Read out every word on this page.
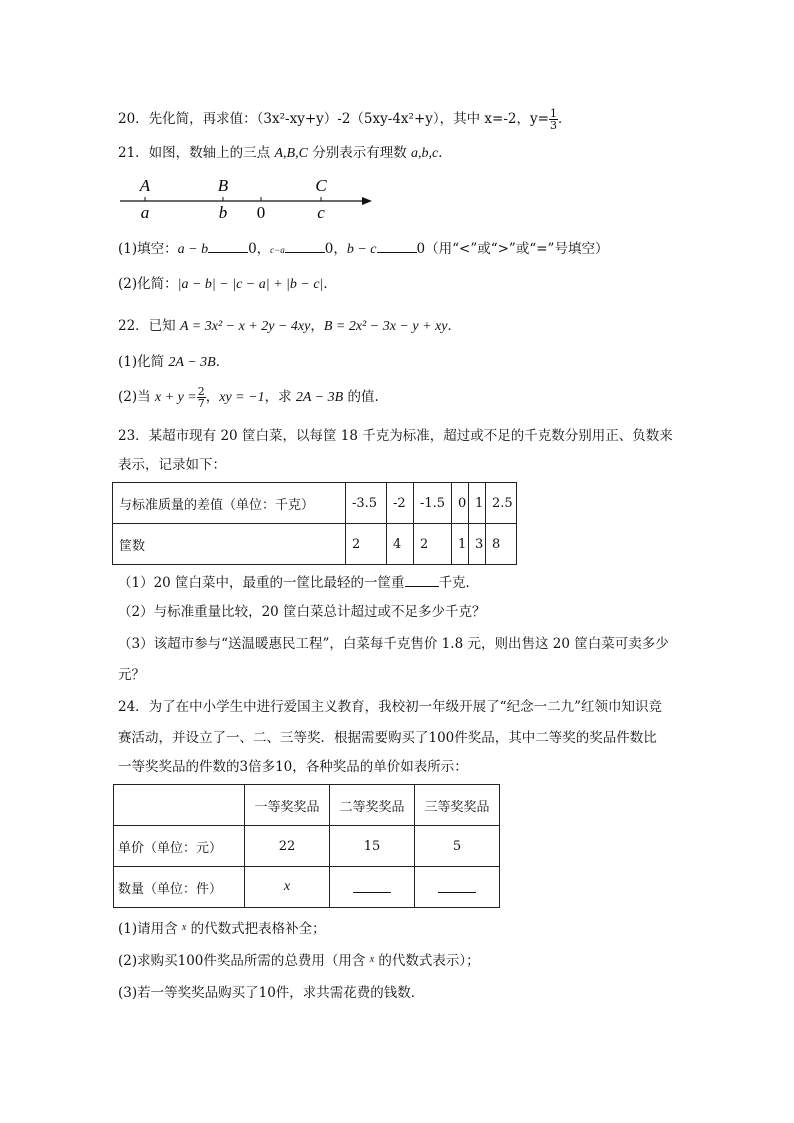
20．先化简，再求值：（3x²-xy+y）-2（5xy-4x²+y），其中 x=-2，$y= \frac{1}{3}$ ．
21．如图，数轴上的三点 A,B,C 分别表示有理数 a,b,c．
A	B	C
a	b 0	c
(1)填空：a − b	0，c−a	0，b − c	0（用“<”或“>”或“=”号填空）
(2)化简：|a − b| − |c − a| + |b − c|．
22．已知 A = 3x² − x + 2y − 4xy，B = 2x² − 3x − y + xy．
(1)化简 2A − 3B．
(2)当 $x + y = \frac{2}{7}$ ，xy = −1，求 2A − 3B 的值.
23．某超市现有 20 筐白菜，以每筐 18 千克为标准，超过或不足的千克数分别用正、负数来
表示，记录如下：
与标准质量的差值（单位：千克）	-3.5	-2	-1.5	0	1	2.5
筐数	2	4	2	1	3	8
（1）20 筐白菜中，最重的一筐比最轻的一筐重	千克．
（2）与标准重量比较，20 筐白菜总计超过或不足多少千克？
（3）该超市参与“送温暖惠民工程”，白菜每千克售价 1.8 元，则出售这 20 筐白菜可卖多少
元？
24．为了在中小学生中进行爱国主义教育，我校初一年级开展了“纪念一二九”红领巾知识竞
赛活动，并设立了一、二、三等奖．根据需要购买了100件奖品，其中二等奖的奖品件数比
一等奖奖品的件数的3倍多10，各种奖品的单价如表所示：
	一等奖奖品	二等奖奖品	三等奖奖品
单价（单位：元）	22	15	5
数量（单位：件）	x		
(1)请用含 $^x$ 的代数式把表格补全；
(2)求购买100件奖品所需的总费用（用含 $^x$ 的代数式表示）；
(3)若一等奖奖品购买了10件，求共需花费的钱数．
